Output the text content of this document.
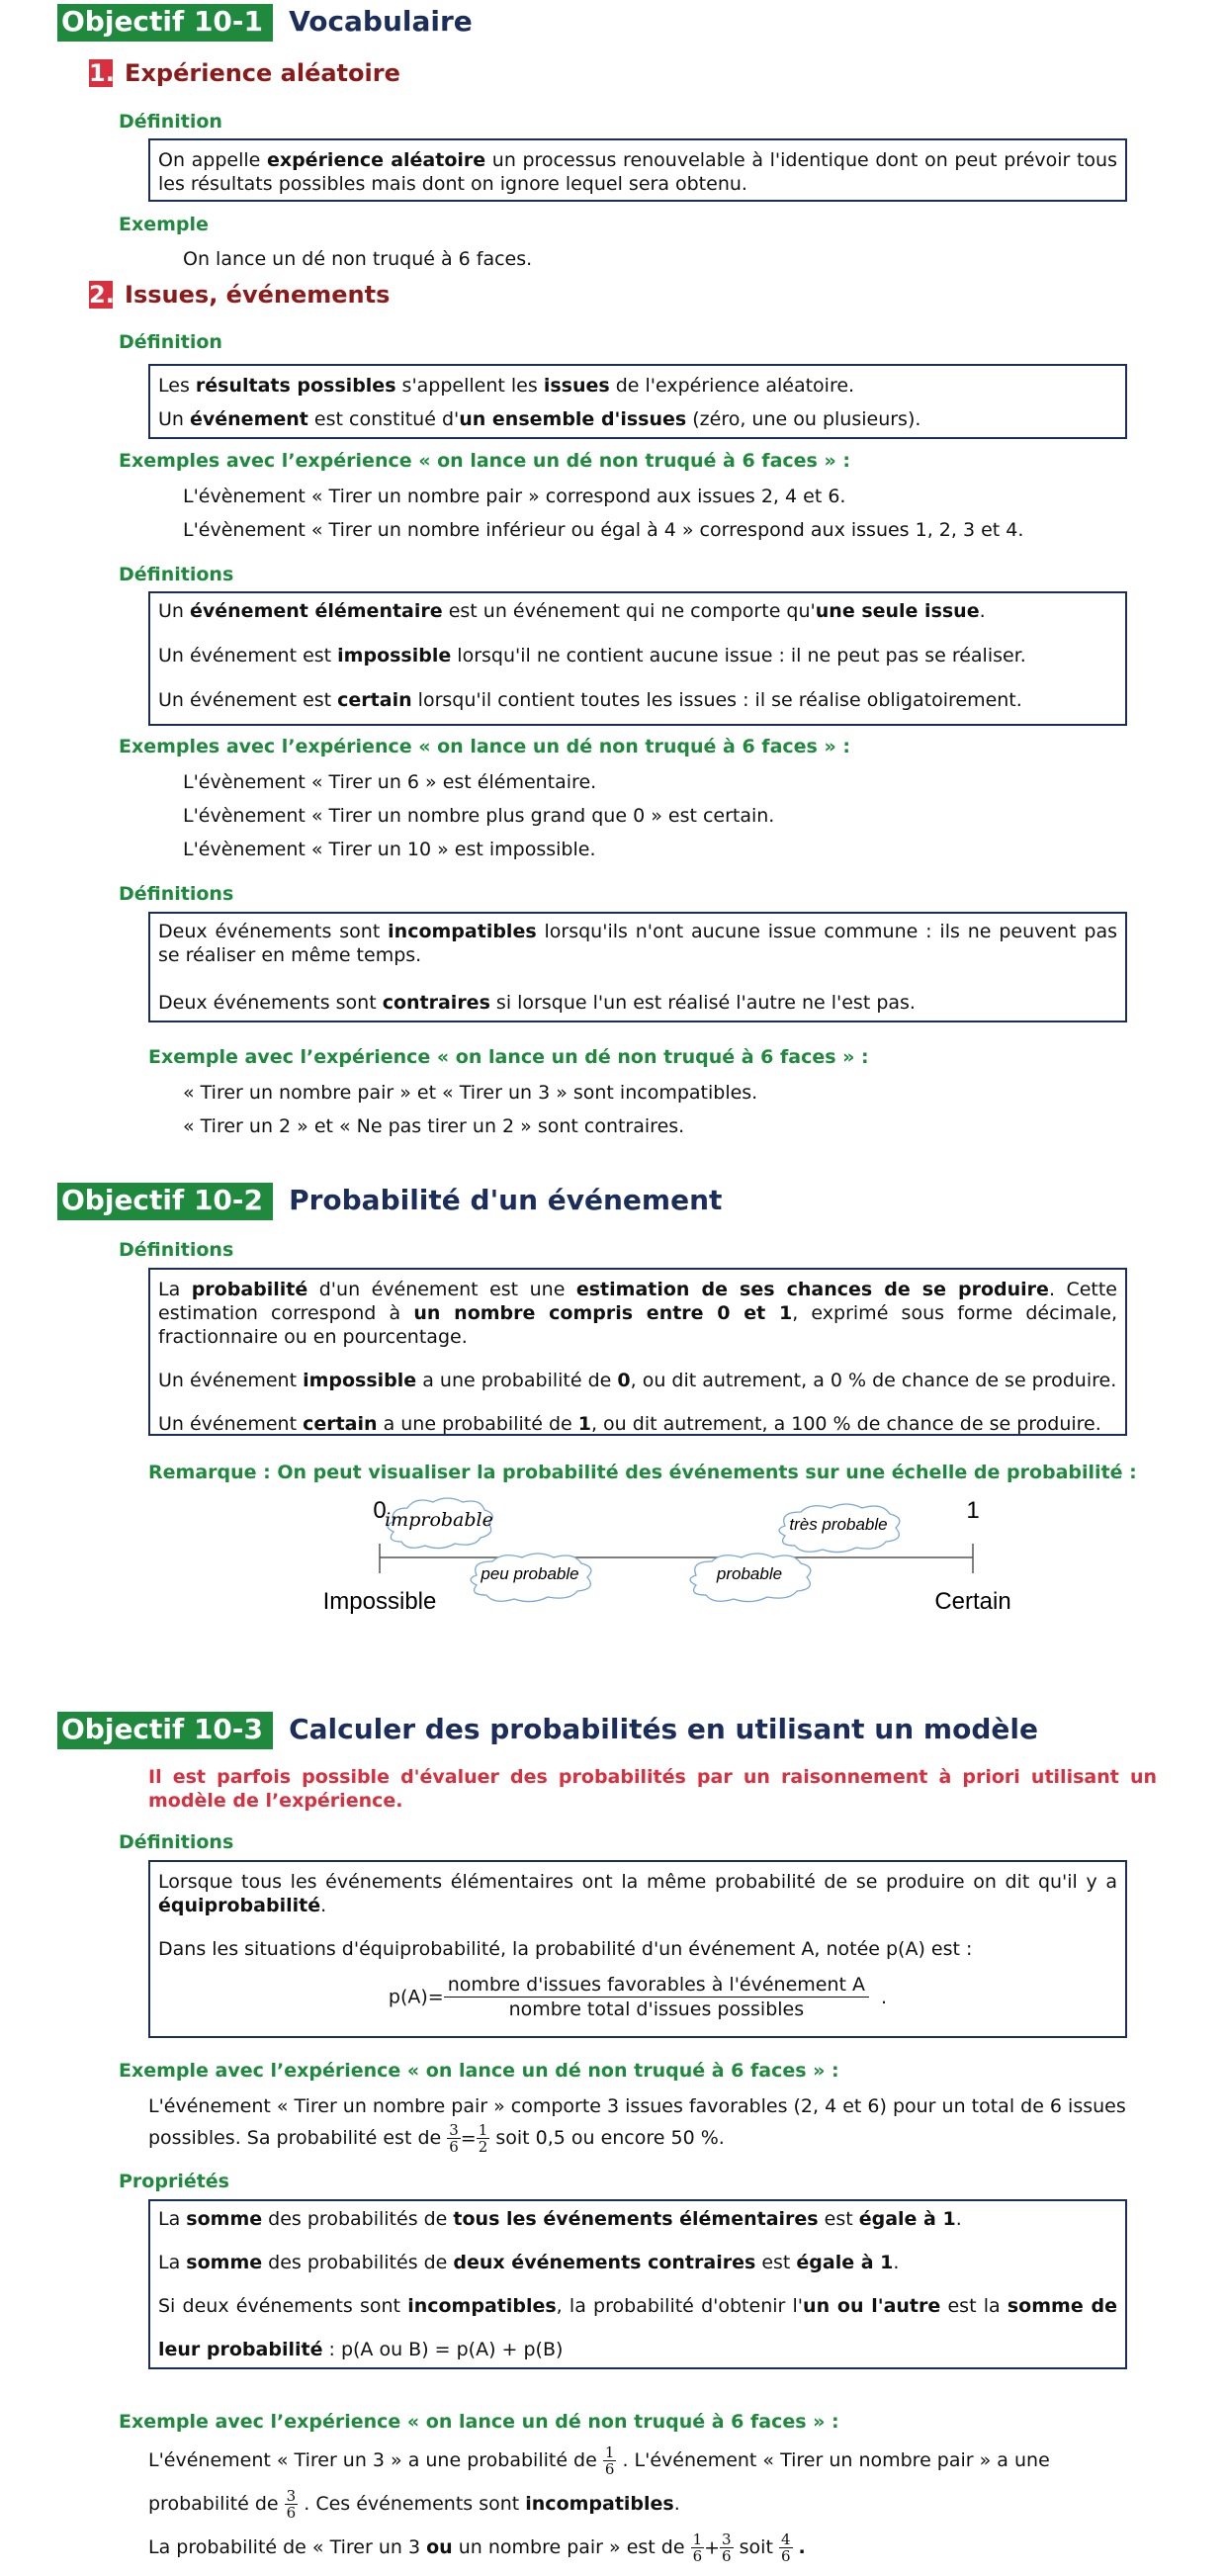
Objectif 10-1 Vocabulaire
1. Expérience aléatoire
Définition

On appelle expérience aléatoire un processus renouvelable à l'identique dont on peut prévoir tous les résultats possibles mais dont on ignore lequel sera obtenu.

Exemple
On lance un dé non truqué à 6 faces.
2. Issues, événements
Définition

Les résultats possibles s'appellent les issues de l'expérience aléatoire.

Un événement est constitué d'un ensemble d'issues (zéro, une ou plusieurs).

Exemples avec l’expérience « on lance un dé non truqué à 6 faces » :
L'évènement « Tirer un nombre pair » correspond aux issues 2, 4 et 6.
L'évènement « Tirer un nombre inférieur ou égal à 4 » correspond aux issues 1, 2, 3 et 4.
Définitions

Un événement élémentaire est un événement qui ne comporte qu'une seule issue.

Un événement est impossible lorsqu'il ne contient aucune issue : il ne peut pas se réaliser.

Un événement est certain lorsqu'il contient toutes les issues : il se réalise obligatoirement.

Exemples avec l’expérience « on lance un dé non truqué à 6 faces » :
L'évènement « Tirer un 6 » est élémentaire.
L'évènement « Tirer un nombre plus grand que 0 » est certain.
L'évènement « Tirer un 10 » est impossible.
Définitions

Deux événements sont incompatibles lorsqu'ils n'ont aucune issue commune : ils ne peuvent pas se réaliser en même temps.

Deux événements sont contraires si lorsque l'un est réalisé l'autre ne l'est pas.

Exemple avec l’expérience « on lance un dé non truqué à 6 faces » :
« Tirer un nombre pair » et « Tirer un 3 » sont incompatibles.
« Tirer un 2 » et « Ne pas tirer un 2 » sont contraires.
Objectif 10-2 Probabilité d'un événement
Définitions

La probabilité d'un événement est une estimation de ses chances de se produire. Cette estimation correspond à un nombre compris entre 0 et 1, exprimé sous forme décimale, fractionnaire ou en pourcentage.

Un événement impossible a une probabilité de 0, ou dit autrement, a 0 % de chance de se produire.

Un événement certain a une probabilité de 1, ou dit autrement, a 100 % de chance de se produire.

Remarque : On peut visualiser la probabilité des événements sur une échelle de probabilité :
0	1
Impossible	Certain
improbable
peu probable	probable
très probable
Objectif 10-3 Calculer des probabilités en utilisant un modèle
Il est parfois possible d'évaluer des probabilités par un raisonnement à priori utilisant un modèle de l’expérience.
Définitions

Lorsque tous les événements élémentaires ont la même probabilité de se produire on dit qu'il y a équiprobabilité.

Dans les situations d'équiprobabilité, la probabilité d'un événement A, notée p(A) est :

p(A)=
nombre d'issues favorables à l'événement A
nombre total d'issues possibles
.
Exemple avec l’expérience « on lance un dé non truqué à 6 faces » :
L'événement « Tirer un nombre pair » comporte 3 issues favorables (2, 4 et 6) pour un total de 6 issues
possibles. Sa probabilité est de $\frac{3}{6} = \frac{1}{2}$ soit 0,5 ou encore 50 %.
Propriétés

La somme des probabilités de tous les événements élémentaires est égale à 1.

La somme des probabilités de deux événements contraires est égale à 1.

Si deux événements sont incompatibles, la probabilité d'obtenir l'un ou l'autre est la somme de

leur probabilité : p(A ou B) = p(A) + p(B)

Exemple avec l’expérience « on lance un dé non truqué à 6 faces » :
L'événement « Tirer un 3 » a une probabilité de $\frac{1}{6}$ . L'événement « Tirer un nombre pair » a une
probabilité de $\frac{3}{6}$ . Ces événements sont incompatibles.
La probabilité de « Tirer un 3 ou un nombre pair » est de $\frac{1}{6} + \frac{3}{6}$ soit $\frac{4}{6}$ .
